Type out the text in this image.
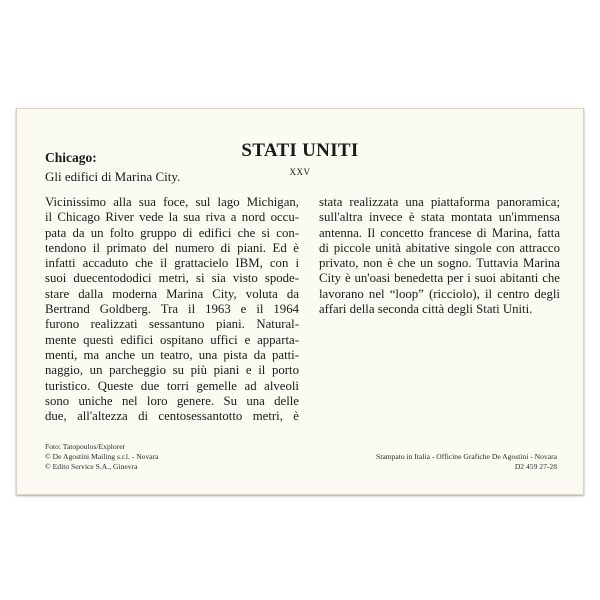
Chicago:
Gli edifici di Marina City.
STATI UNITI
XXV
Vicinissimo alla sua foce, sul lago Michigan,
il Chicago River vede la sua riva a nord occu-
pata da un folto gruppo di edifici che si con-
tendono il primato del numero di piani. Ed è
infatti accaduto che il grattacielo IBM, con i
suoi duecentododici metri, si sia visto spode-
stare dalla moderna Marina City, voluta da
Bertrand Goldberg. Tra il 1963 e il 1964
furono realizzati sessantuno piani. Natural-
mente questi edifici ospitano uffici e apparta-
menti, ma anche un teatro, una pista da patti-
naggio, un parcheggio su più piani e il porto
turistico. Queste due torri gemelle ad alveoli
sono uniche nel loro genere. Su una delle
due, all'altezza di centosessantotto metri, è
stata realizzata una piattaforma panoramica;
sull'altra invece è stata montata un'immensa
antenna. Il concetto francese di Marina, fatta
di piccole unità abitative singole con attracco
privato, non è che un sogno. Tuttavia Marina
City è un'oasi benedetta per i suoi abitanti che
lavorano nel “loop” (ricciolo), il centro degli
affari della seconda città degli Stati Uniti.
Foto: Tatopoulos/Explorer
© De Agostini Mailing s.r.l. - Novara
© Edito Service S.A., Ginevra
Stampato in Italia - Officine Grafiche De Agostini - Novara
D2 459 27-28
